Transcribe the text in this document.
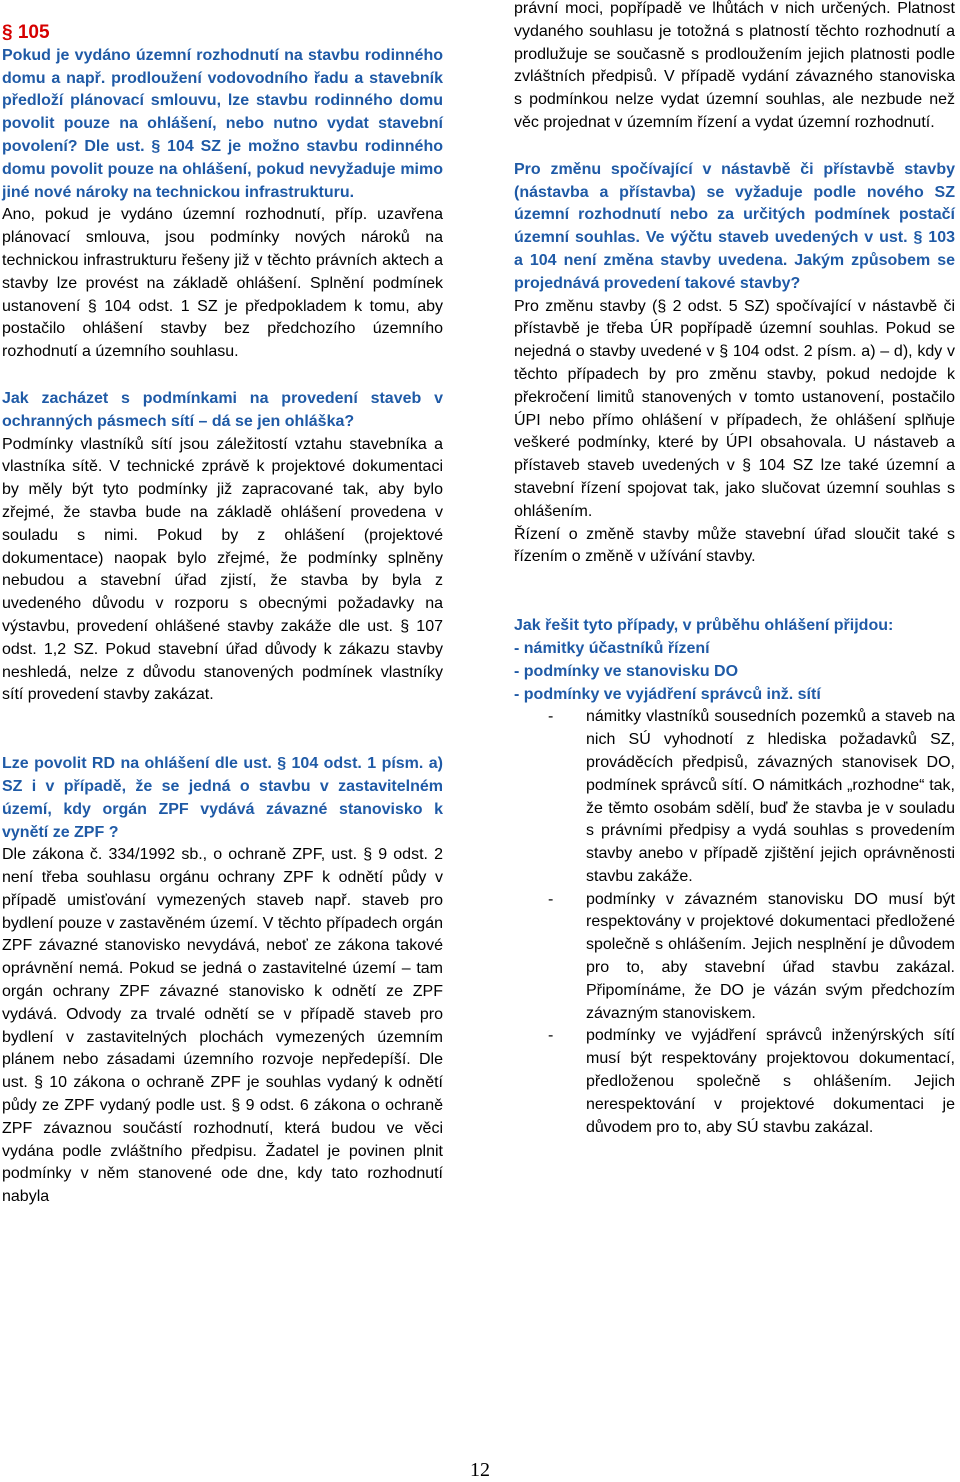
§ 105

Pokud je vydáno územní rozhodnutí na stavbu rodinného domu a např. prodloužení vodovodního řadu a stavebník předloží plánovací smlouvu, lze stavbu rodinného domu povolit pouze na ohlášení, nebo nutno vydat stavební povolení? Dle ust. § 104 SZ je možno stavbu rodinného domu povolit pouze na ohlášení, pokud nevyžaduje mimo jiné nové nároky na technickou infrastrukturu.

Ano, pokud je vydáno územní rozhodnutí, příp. uzavřena plánovací smlouva, jsou podmínky nových nároků na technickou infrastrukturu řešeny již v těchto právních aktech a stavby lze provést na základě ohlášení. Splnění podmínek ustanovení § 104 odst. 1 SZ je předpokladem k tomu, aby postačilo ohlášení stavby bez předchozího územního rozhodnutí a územního souhlasu.

Jak zacházet s podmínkami na provedení staveb v ochranných pásmech sítí – dá se jen ohláška?

Podmínky vlastníků sítí jsou záležitostí vztahu stavebníka a vlastníka sítě. V technické zprávě k projektové dokumentaci by měly být tyto podmínky již zapracované tak, aby bylo zřejmé, že stavba bude na základě ohlášení provedena v souladu s nimi. Pokud by z ohlášení (projektové dokumentace) naopak bylo zřejmé, že podmínky splněny nebudou a stavební úřad zjistí, že stavba by byla z uvedeného důvodu v rozporu s obecnými požadavky na výstavbu, provedení ohlášené stavby zakáže dle ust. § 107 odst. 1,2 SZ. Pokud stavební úřad důvody k zákazu stavby neshledá, nelze z důvodu stanovených podmínek vlastníky sítí provedení stavby zakázat.

Lze povolit RD na ohlášení dle ust. § 104 odst. 1 písm. a) SZ i v případě, že se jedná o stavbu v zastavitelném území, kdy orgán ZPF vydává závazné stanovisko k vynětí ze ZPF ?

Dle zákona č. 334/1992 sb., o ochraně ZPF, ust. § 9 odst. 2 není třeba souhlasu orgánu ochrany ZPF k odnětí půdy v případě umisťování vymezených staveb např. staveb pro bydlení pouze v zastavěném území. V těchto případech orgán ZPF závazné stanovisko nevydává, neboť ze zákona takové oprávnění nemá. Pokud se jedná o zastavitelné území – tam orgán ochrany ZPF závazné stanovisko k odnětí ze ZPF vydává. Odvody za trvalé odnětí se v případě staveb pro bydlení v zastavitelných plochách vymezených územním plánem nebo zásadami územního rozvoje nepředepíší. Dle ust. § 10 zákona o ochraně ZPF je souhlas vydaný k odnětí půdy ze ZPF vydaný podle ust. § 9 odst. 6 zákona o ochraně ZPF závaznou součástí rozhodnutí, která budou ve věci vydána podle zvláštního předpisu. Žadatel je povinen plnit podmínky v něm stanovené ode dne, kdy tato rozhodnutí nabyla

právní moci, popřípadě ve lhůtách v nich určených. Platnost vydaného souhlasu je totožná s platností těchto rozhodnutí a prodlužuje se současně s prodloužením jejich platnosti podle zvláštních předpisů. V případě vydání závazného stanoviska s podmínkou nelze vydat územní souhlas, ale nezbude než věc projednat v územním řízení a vydat územní rozhodnutí.

Pro změnu spočívající v nástavbě či přístavbě stavby (nástavba a přístavba) se vyžaduje podle nového SZ územní rozhodnutí nebo za určitých podmínek postačí územní souhlas. Ve výčtu staveb uvedených v ust. § 103 a 104 není změna stavby uvedena. Jakým způsobem se projednává provedení takové stavby?

Pro změnu stavby (§ 2 odst. 5 SZ) spočívající v nástavbě či přístavbě je třeba ÚR popřípadě územní souhlas. Pokud se nejedná o stavby uvedené v § 104 odst. 2 písm. a) – d), kdy v těchto případech by pro změnu stavby, pokud nedojde k překročení limitů stanovených v tomto ustanovení, postačilo ÚPI nebo přímo ohlášení v případech, že ohlášení splňuje veškeré podmínky, které by ÚPI obsahovala. U nástaveb a přístaveb staveb uvedených v § 104 SZ lze také územní a stavební řízení spojovat tak, jako slučovat územní souhlas s ohlášením.

Řízení o změně stavby může stavební úřad sloučit také s řízením o změně v užívání stavby.

Jak řešit tyto případy, v průběhu ohlášení přijdou:

- námitky účastníků řízení

- podmínky ve stanovisku DO

- podmínky ve vyjádření správců inž. sítí

- námitky vlastníků sousedních pozemků a staveb na nich SÚ vyhodnotí z hlediska požadavků SZ, prováděcích předpisů, závazných stanovisek DO, podmínek správců sítí. O námitkách „rozhodne“ tak, že těmto osobám sdělí, buď že stavba je v souladu s právními předpisy a vydá souhlas s provedením stavby anebo v případě zjištění jejich oprávněnosti stavbu zakáže.
- podmínky v závazném stanovisku DO musí být respektovány v projektové dokumentaci předložené společně s ohlášením. Jejich nesplnění je důvodem pro to, aby stavební úřad stavbu zakázal. Připomínáme, že DO je vázán svým předchozím závazným stanoviskem.
- podmínky ve vyjádření správců inženýrských sítí musí být respektovány projektovou dokumentací, předloženou společně s ohlášením. Jejich nerespektování v projektové dokumentaci je důvodem pro to, aby SÚ stavbu zakázal.
12
